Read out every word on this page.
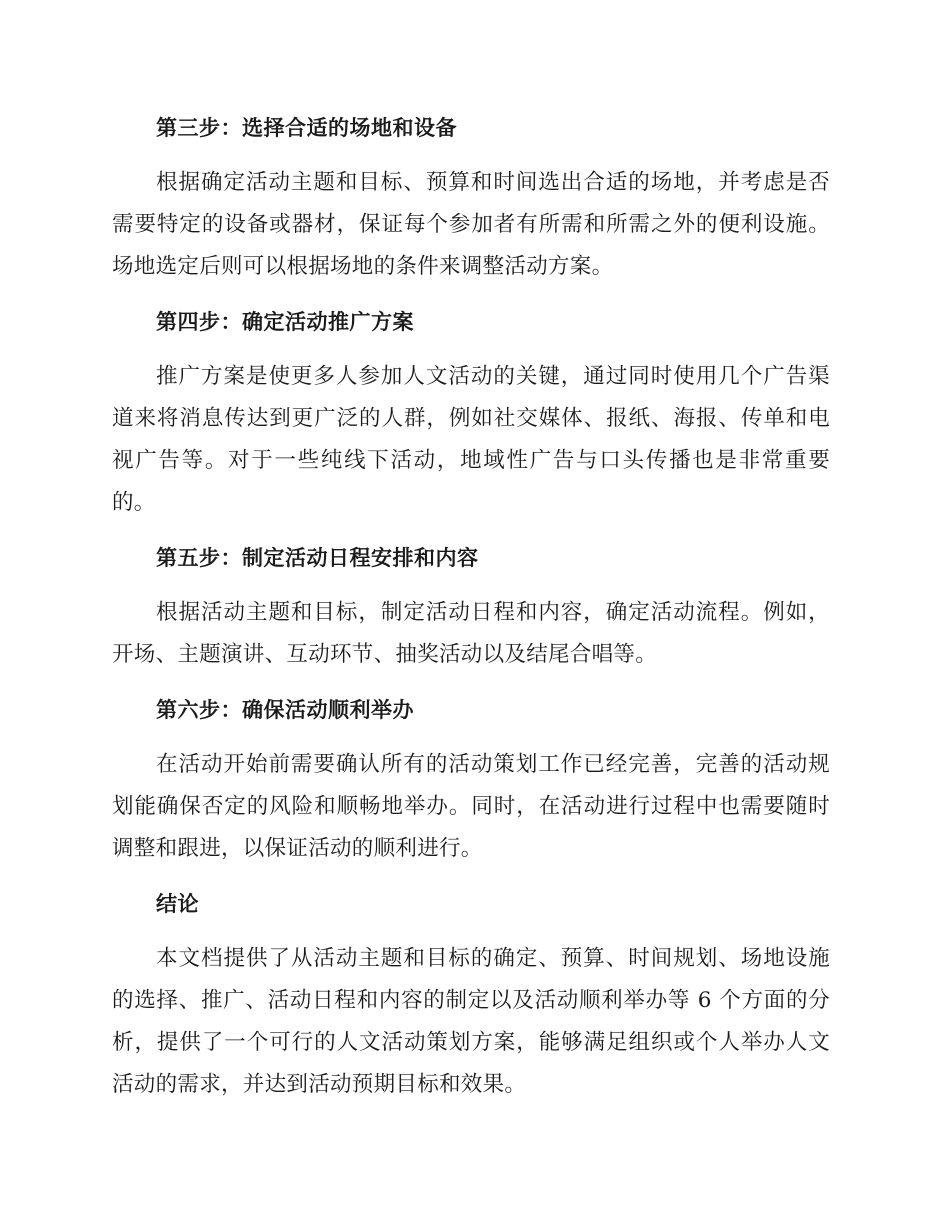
第三步：选择合适的场地和设备

根据确定活动主题和目标、预算和时间选出合适的场地，并考虑是否需要特定的设备或器材，保证每个参加者有所需和所需之外的便利设施。场地选定后则可以根据场地的条件来调整活动方案。

第四步：确定活动推广方案

推广方案是使更多人参加人文活动的关键，通过同时使用几个广告渠道来将消息传达到更广泛的人群，例如社交媒体、报纸、海报、传单和电视广告等。对于一些纯线下活动，地域性广告与口头传播也是非常重要的。

第五步：制定活动日程安排和内容

根据活动主题和目标，制定活动日程和内容，确定活动流程。例如，开场、主题演讲、互动环节、抽奖活动以及结尾合唱等。

第六步：确保活动顺利举办

在活动开始前需要确认所有的活动策划工作已经完善，完善的活动规划能确保否定的风险和顺畅地举办。同时，在活动进行过程中也需要随时调整和跟进，以保证活动的顺利进行。

结论

本文档提供了从活动主题和目标的确定、预算、时间规划、场地设施的选择、推广、活动日程和内容的制定以及活动顺利举办等 6 个方面的分析，提供了一个可行的人文活动策划方案，能够满足组织或个人举办人文活动的需求，并达到活动预期目标和效果。
